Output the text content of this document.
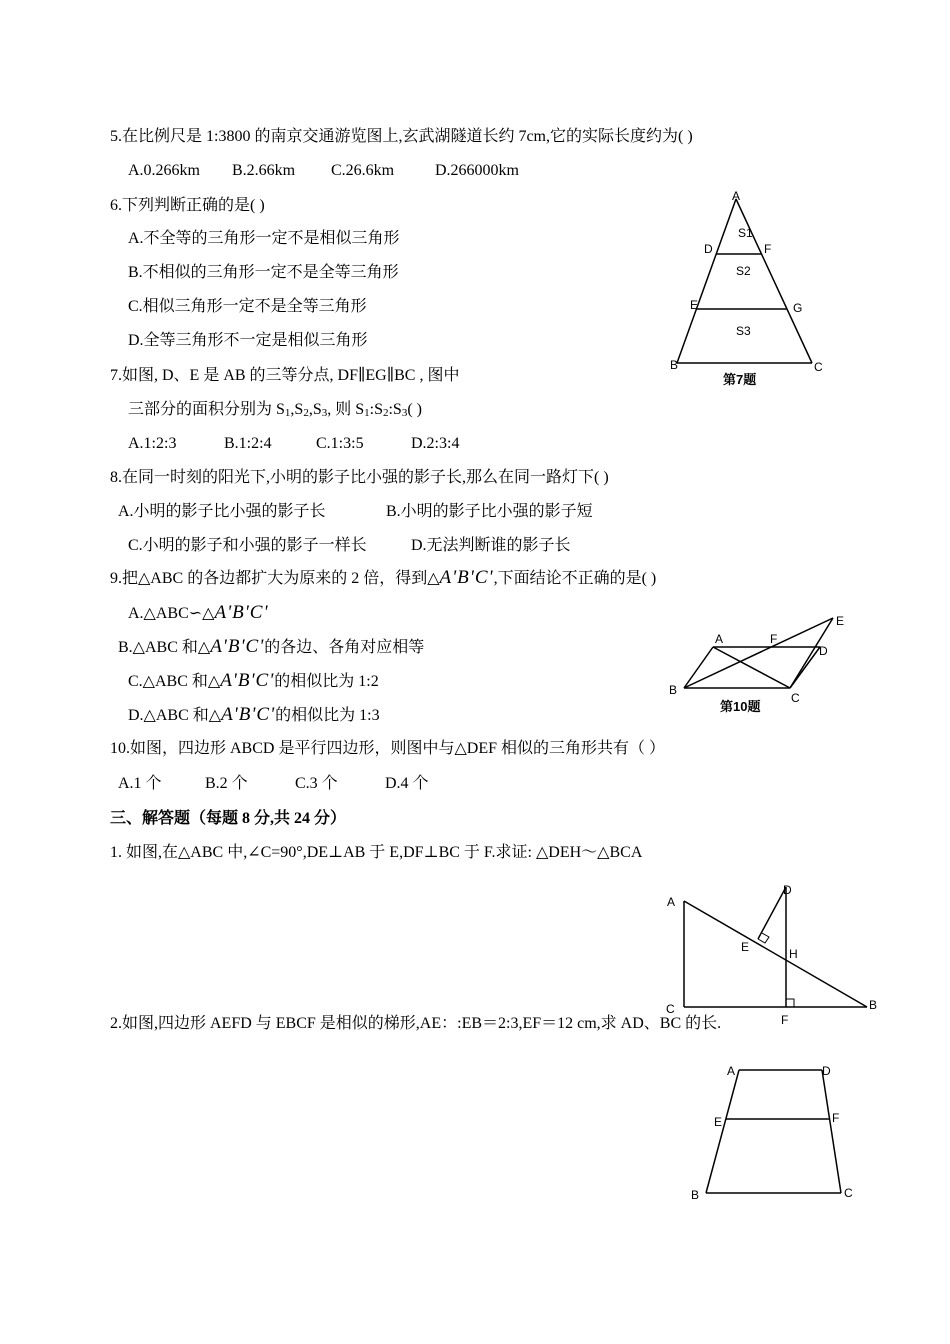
5.在比例尺是 1:3800 的南京交通游览图上,玄武湖隧道长约 7cm,它的实际长度约为( )
A.0.266km B.2.66km C.26.6km	D.266000km
6.下列判断正确的是( )
A.不全等的三角形一定不是相似三角形
B.不相似的三角形一定不是全等三角形
C.相似三角形一定不是全等三角形
D.全等三角形不一定是相似三角形
A
D	F
E	G
B	C
S1
S2
S3
第7题
7.如图, D、E 是 AB 的三等分点, DF∥EG∥BC , 图中
三部分的面积分别为 $S_1,S_2,S_3$, 则 $S_1:S_2:S_3$( )
A.1:2:3	B.1:2:4	C.1:3:5	D.2:3:4
8.在同一时刻的阳光下,小明的影子比小强的影子长,那么在同一路灯下( )
A.小明的影子比小强的影子长	B.小明的影子比小强的影子短
C.小明的影子和小强的影子一样长	D.无法判断谁的影子长
9.把△ABC 的各边都扩大为原来的 2 倍，得到△A'B'C',下面结论不正确的是( )
A.△ABC∽△A'B'C'
B.△ABC 和△A'B'C'的各边、各角对应相等
C.△ABC 和△A'B'C'的相似比为 1:2
D.△ABC 和△A'B'C'的相似比为 1:3
A	F
E
D
B
C
第10题
10.如图，四边形 ABCD 是平行四边形，则图中与△DEF 相似的三角形共有（ ）
A.1 个	B.2 个	C.3 个	D.4 个
三、解答题（每题 8 分,共 24 分）
1. 如图,在△ABC 中,∠C=90°,DE⊥AB 于 E,DF⊥BC 于 F.求证: △DEH～△BCA
A
D
E	H
C
F
B
2.如图,四边形 AEFD 与 EBCF 是相似的梯形,AE：:EB＝2:3,EF＝12 cm,求 AD、BC 的长.
A	D
E	F
B	C
